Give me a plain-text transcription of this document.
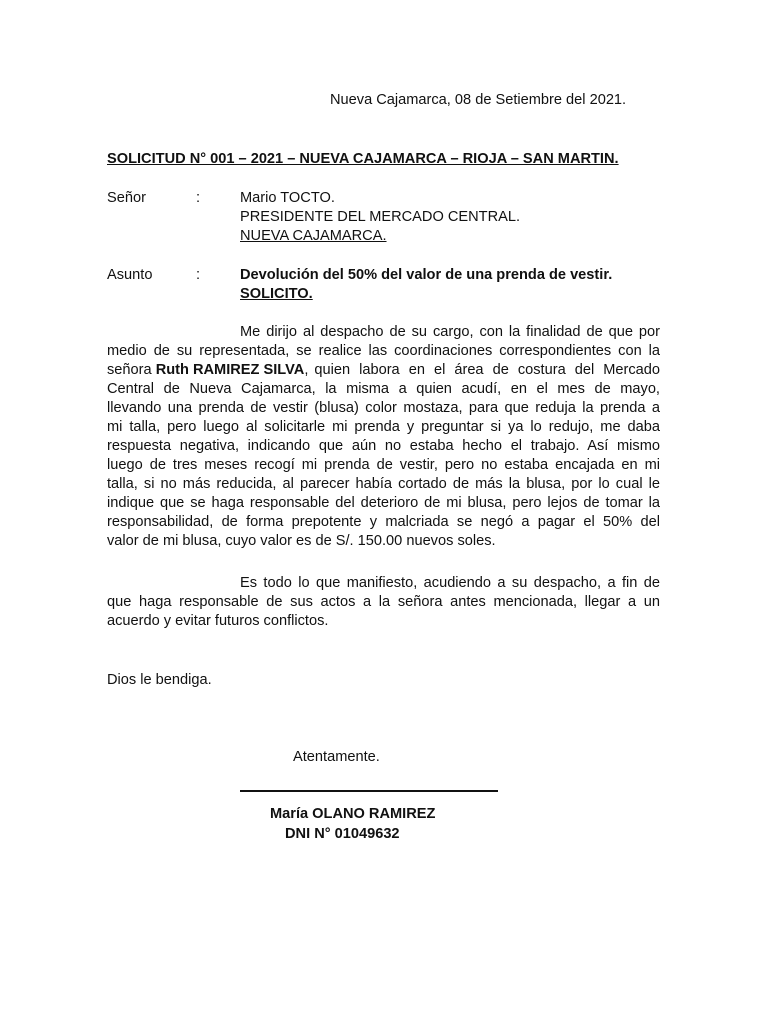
Nueva Cajamarca, 08 de Setiembre del 2021.
SOLICITUD N° 001 – 2021 – NUEVA CAJAMARCA – RIOJA – SAN MARTIN.
Señor	:	Mario TOCTO.
PRESIDENTE DEL MERCADO CENTRAL.
NUEVA CAJAMARCA.
Asunto	:	Devolución del 50% del valor de una prenda de vestir.
SOLICITO.
Me dirijo al despacho de su cargo, con la finalidad de que por
medio de su representada, se realice las coordinaciones correspondientes con la
señora Ruth RAMIREZ SILVA, quien labora en el área de costura del Mercado
Central de Nueva Cajamarca, la misma a quien acudí, en el mes de mayo,
llevando una prenda de vestir (blusa) color mostaza, para que reduja la prenda a
mi talla, pero luego al solicitarle mi prenda y preguntar si ya lo redujo, me daba
respuesta negativa, indicando que aún no estaba hecho el trabajo. Así mismo
luego de tres meses recogí mi prenda de vestir, pero no estaba encajada en mi
talla, si no más reducida, al parecer había cortado de más la blusa, por lo cual le
indique que se haga responsable del deterioro de mi blusa, pero lejos de tomar la
responsabilidad, de forma prepotente y malcriada se negó a pagar el 50% del
valor de mi blusa, cuyo valor es de S/. 150.00 nuevos soles.
Es todo lo que manifiesto, acudiendo a su despacho, a fin de
que haga responsable de sus actos a la señora antes mencionada, llegar a un
acuerdo y evitar futuros conflictos.
Dios le bendiga.
Atentamente.
María OLANO RAMIREZ
DNI N° 01049632
